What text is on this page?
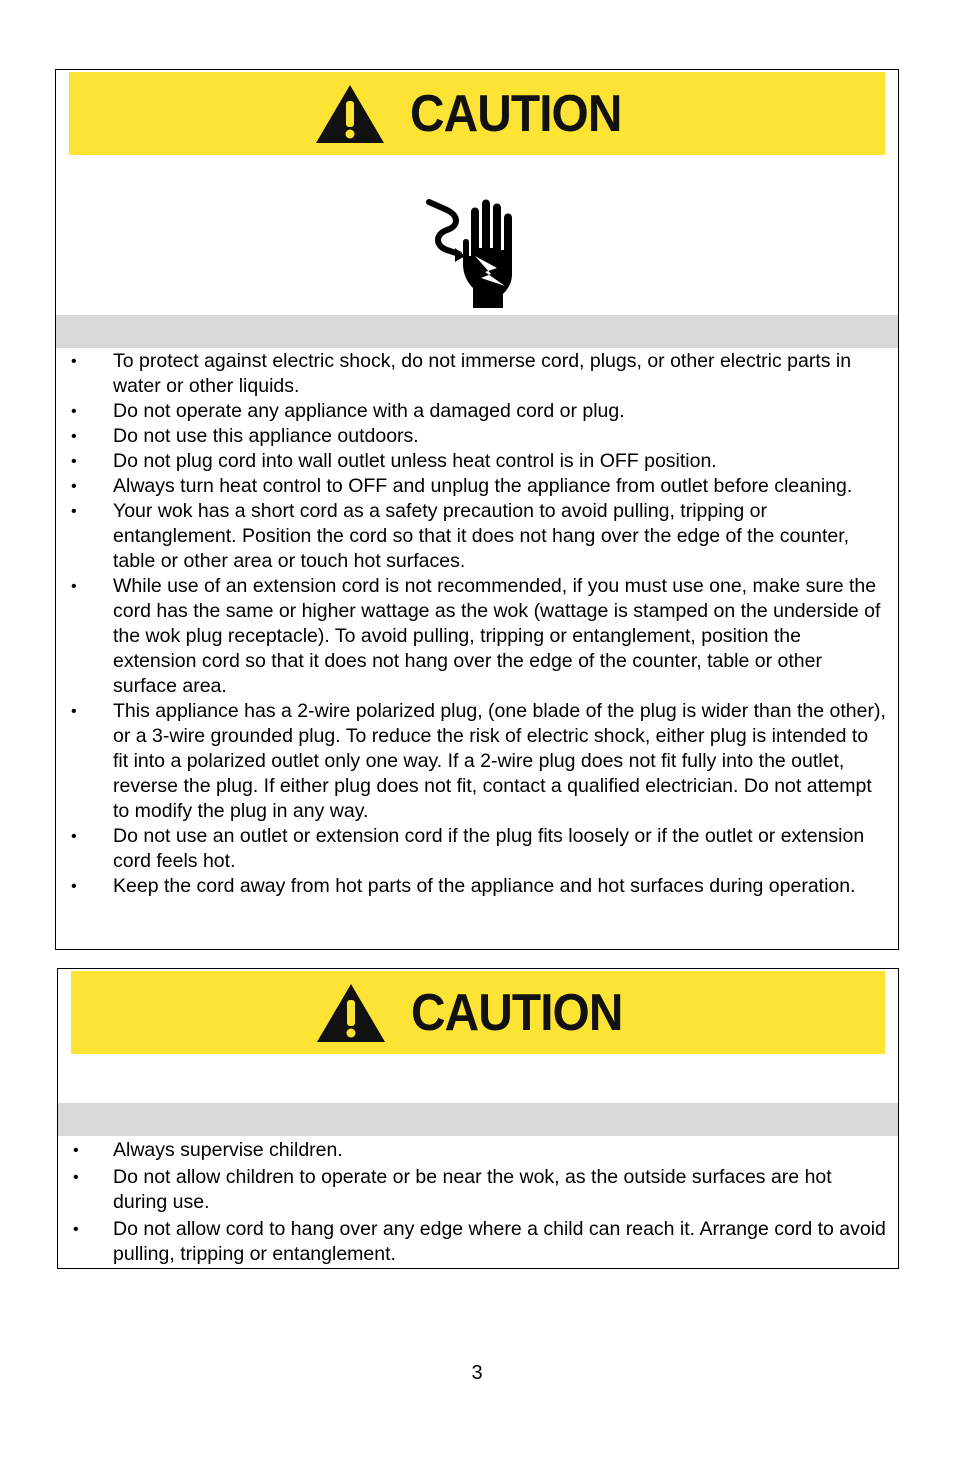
CAUTION
• To protect against electric shock, do not immerse cord, plugs, or other electric parts in water or other liquids.
• Do not operate any appliance with a damaged cord or plug.
• Do not use this appliance outdoors.
• Do not plug cord into wall outlet unless heat control is in OFF position.
• Always turn heat control to OFF and unplug the appliance from outlet before cleaning.
• Your wok has a short cord as a safety precaution to avoid pulling, tripping or entanglement. Position the cord so that it does not hang over the edge of the counter, table or other area or touch hot surfaces.
• While use of an extension cord is not recommended, if you must use one, make sure the cord has the same or higher wattage as the wok (wattage is stamped on the underside of the wok plug receptacle). To avoid pulling, tripping or entanglement, position the extension cord so that it does not hang over the edge of the counter, table or other surface area.
• This appliance has a 2-wire polarized plug, (one blade of the plug is wider than the other), or a 3-wire grounded plug. To reduce the risk of electric shock, either plug is intended to fit into a polarized outlet only one way. If a 2-wire plug does not fit fully into the outlet, reverse the plug. If either plug does not fit, contact a qualified electrician. Do not attempt to modify the plug in any way.
• Do not use an outlet or extension cord if the plug fits loosely or if the outlet or extension cord feels hot.
• Keep the cord away from hot parts of the appliance and hot surfaces during operation.
CAUTION
• Always supervise children.
• Do not allow children to operate or be near the wok, as the outside surfaces are hot during use.
• Do not allow cord to hang over any edge where a child can reach it. Arrange cord to avoid pulling, tripping or entanglement.
3
